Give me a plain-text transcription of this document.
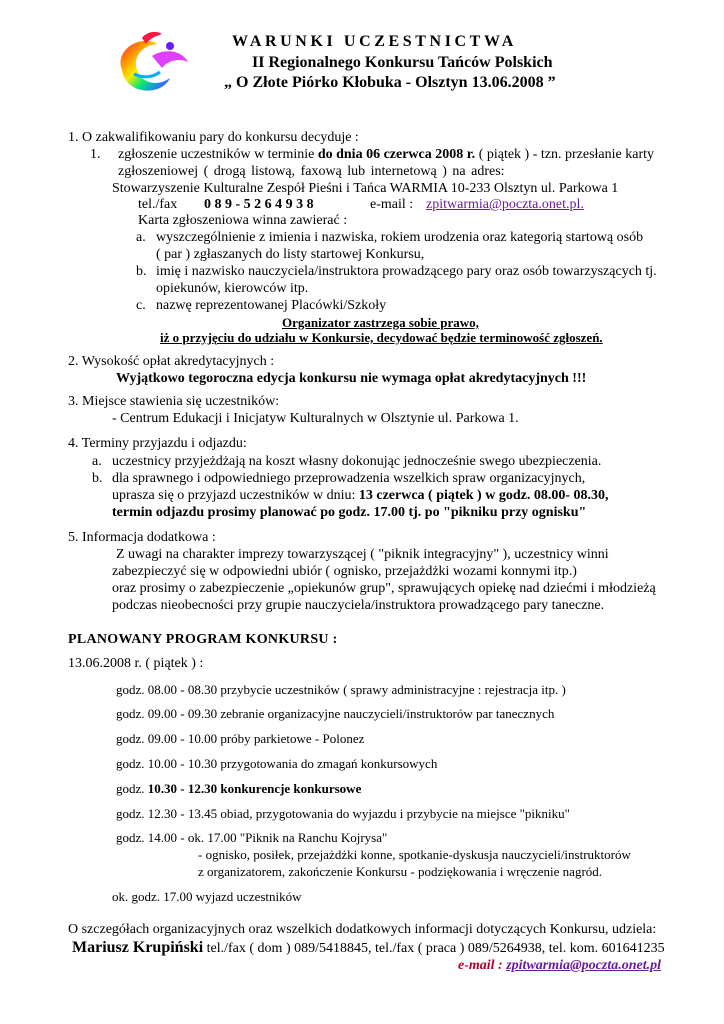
WARUNKI UCZESTNICTWA
II Regionalnego Konkursu Tańców Polskich
„ O Złote Piórko Kłobuka - Olsztyn 13.06.2008 ”
1. O zakwalifikowaniu pary do konkursu decyduje :
1. zgłoszenie uczestników w terminie do dnia 06 czerwca 2008 r. ( piątek ) - tzn. przesłanie karty
zgłoszeniowej ( drogą listową, faxową lub internetową ) na adres:
Stowarzyszenie Kulturalne Zespół Pieśni i Tańca WARMIA 10-233 Olsztyn ul. Parkowa 1
tel./fax 0 8 9 - 5 2 6 4 9 3 8	e-mail : zpitwarmia@poczta.onet.pl.
Karta zgłoszeniowa winna zawierać :
a. wyszczególnienie z imienia i nazwiska, rokiem urodzenia oraz kategorią startową osób
( par ) zgłaszanych do listy startowej Konkursu,
b. imię i nazwisko nauczyciela/instruktora prowadzącego pary oraz osób towarzyszących tj.
opiekunów, kierowców itp.
c. nazwę reprezentowanej Placówki/Szkoły
Organizator zastrzega sobie prawo,
iż o przyjęciu do udziału w Konkursie, decydować będzie terminowość zgłoszeń.
2. Wysokość opłat akredytacyjnych :
Wyjątkowo tegoroczna edycja konkursu nie wymaga opłat akredytacyjnych !!!
3. Miejsce stawienia się uczestników:
- Centrum Edukacji i Inicjatyw Kulturalnych w Olsztynie ul. Parkowa 1.
4. Terminy przyjazdu i odjazdu:
a. uczestnicy przyjeżdżają na koszt własny dokonując jednocześnie swego ubezpieczenia.
b. dla sprawnego i odpowiedniego przeprowadzenia wszelkich spraw organizacyjnych,
uprasza się o przyjazd uczestników w dniu: 13 czerwca ( piątek ) w godz. 08.00- 08.30,
termin odjazdu prosimy planować po godz. 17.00 tj. po "pikniku przy ognisku"
5. Informacja dodatkowa :
Z uwagi na charakter imprezy towarzyszącej ( "piknik integracyjny" ), uczestnicy winni
zabezpieczyć się w odpowiedni ubiór ( ognisko, przejażdżki wozami konnymi itp.)
oraz prosimy o zabezpieczenie „opiekunów grup", sprawujących opiekę nad dziećmi i młodzieżą
podczas nieobecności przy grupie nauczyciela/instruktora prowadzącego pary taneczne.
PLANOWANY PROGRAM KONKURSU :
13.06.2008 r. ( piątek ) :
godz. 08.00 - 08.30 przybycie uczestników ( sprawy administracyjne : rejestracja itp. )
godz. 09.00 - 09.30 zebranie organizacyjne nauczycieli/instruktorów par tanecznych
godz. 09.00 - 10.00 próby parkietowe - Polonez
godz. 10.00 - 10.30 przygotowania do zmagań konkursowych
godz. 10.30 - 12.30 konkurencje konkursowe
godz. 12.30 - 13.45 obiad, przygotowania do wyjazdu i przybycie na miejsce "pikniku"
godz. 14.00 - ok. 17.00 "Piknik na Ranchu Kojrysa"
- ognisko, posiłek, przejażdżki konne, spotkanie-dyskusja nauczycieli/instruktorów
z organizatorem, zakończenie Konkursu - podziękowania i wręczenie nagród.
ok. godz. 17.00 wyjazd uczestników
O szczegółach organizacyjnych oraz wszelkich dodatkowych informacji dotyczących Konkursu, udziela:
Mariusz Krupiński tel./fax ( dom ) 089/5418845, tel./fax ( praca ) 089/5264938, tel. kom. 601641235
e-mail : zpitwarmia@poczta.onet.pl
